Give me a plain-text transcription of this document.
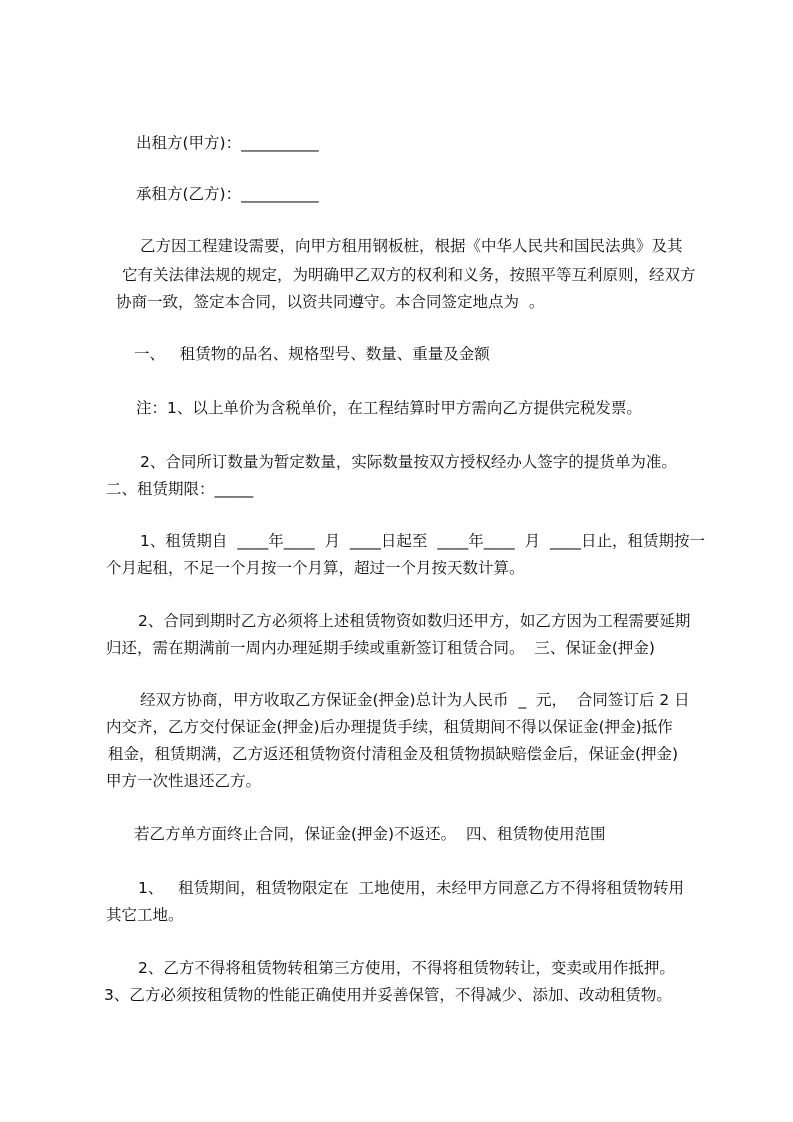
出租方(甲方)：__________
承租方(乙方)：__________
乙方因工程建设需要，向甲方租用钢板桩，根据《中华人民共和国民法典》及其
它有关法律法规的规定，为明确甲乙双方的权利和义务，按照平等互利原则，经双方
协商一致，签定本合同，以资共同遵守。本合同签定地点为  。
一、   租赁物的品名、规格型号、数量、重量及金额
注：1、以上单价为含税单价，在工程结算时甲方需向乙方提供完税发票。
2、合同所订数量为暂定数量，实际数量按双方授权经办人签字的提货单为准。
二、租赁期限：_____
1、租赁期自  ____年____  月  ____日起至  ____年____  月  ____日止，租赁期按一
个月起租，不足一个月按一个月算，超过一个月按天数计算。
2、合同到期时乙方必须将上述租赁物资如数归还甲方，如乙方因为工程需要延期
归还，需在期满前一周内办理延期手续或重新签订租赁合同。  三、保证金(押金)
经双方协商，甲方收取乙方保证金(押金)总计为人民币  _  元，  合同签订后 2 日
内交齐，乙方交付保证金(押金)后办理提货手续，租赁期间不得以保证金(押金)抵作
租金，租赁期满，乙方返还租赁物资付清租金及租赁物损缺赔偿金后，保证金(押金)
甲方一次性退还乙方。
若乙方单方面终止合同，保证金(押金)不返还。  四、租赁物使用范围
1、   租赁期间，租赁物限定在  工地使用，未经甲方同意乙方不得将租赁物转用
其它工地。
2、乙方不得将租赁物转租第三方使用，不得将租赁物转让，变卖或用作抵押。
3、乙方必须按租赁物的性能正确使用并妥善保管，不得减少、添加、改动租赁物。
